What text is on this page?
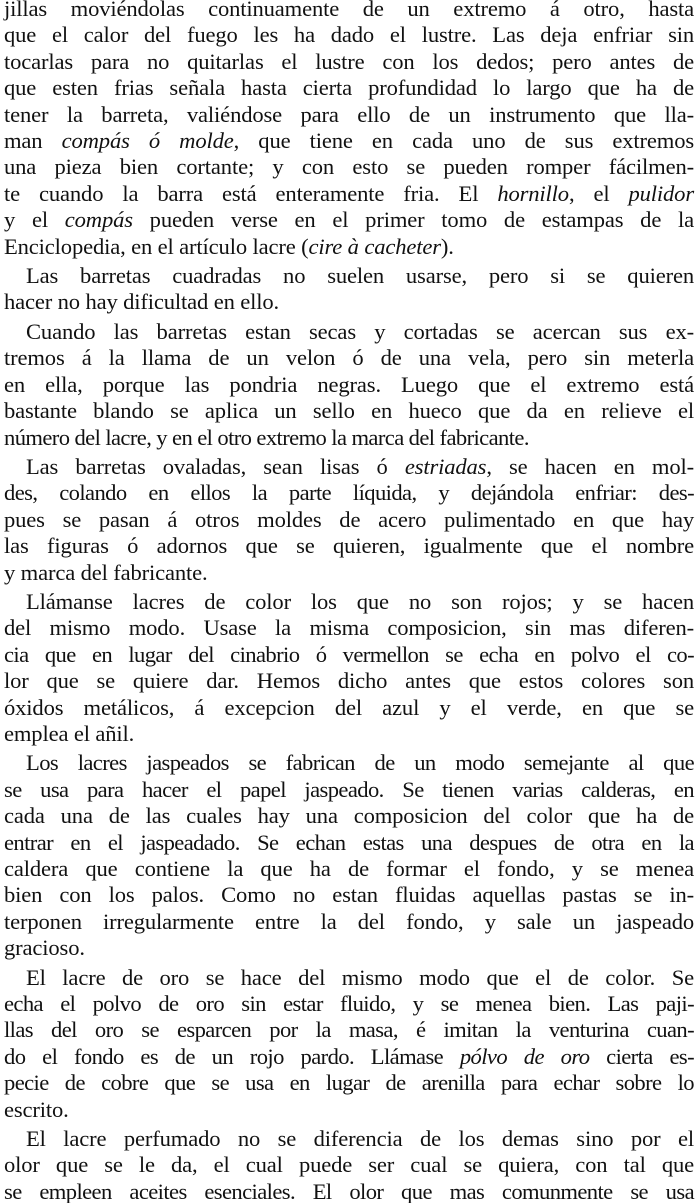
jillas moviéndolas continuamente de un extremo á otro, hasta
que el calor del fuego les ha dado el lustre. Las deja enfriar sin
tocarlas para no quitarlas el lustre con los dedos; pero antes de
que esten frias señala hasta cierta profundidad lo largo que ha de
tener la barreta, valiéndose para ello de un instrumento que lla-
man compás ó molde, que tiene en cada uno de sus extremos
una pieza bien cortante; y con esto se pueden romper fácilmen-
te cuando la barra está enteramente fria. El hornillo, el pulidor
y el compás pueden verse en el primer tomo de estampas de la
Enciclopedia, en el artículo lacre (cire à cacheter).
Las barretas cuadradas no suelen usarse, pero si se quieren
hacer no hay dificultad en ello.
Cuando las barretas estan secas y cortadas se acercan sus ex-
tremos á la llama de un velon ó de una vela, pero sin meterla
en ella, porque las pondria negras. Luego que el extremo está
bastante blando se aplica un sello en hueco que da en relieve el
número del lacre, y en el otro extremo la marca del fabricante.
Las barretas ovaladas, sean lisas ó estriadas, se hacen en mol-
des, colando en ellos la parte líquida, y dejándola enfriar: des-
pues se pasan á otros moldes de acero pulimentado en que hay
las figuras ó adornos que se quieren, igualmente que el nombre
y marca del fabricante.
Llámanse lacres de color los que no son rojos; y se hacen
del mismo modo. Usase la misma composicion, sin mas diferen-
cia que en lugar del cinabrio ó vermellon se echa en polvo el co-
lor que se quiere dar. Hemos dicho antes que estos colores son
óxidos metálicos, á excepcion del azul y el verde, en que se
emplea el añil.
Los lacres jaspeados se fabrican de un modo semejante al que
se usa para hacer el papel jaspeado. Se tienen varias calderas, en
cada una de las cuales hay una composicion del color que ha de
entrar en el jaspeadado. Se echan estas una despues de otra en la
caldera que contiene la que ha de formar el fondo, y se menea
bien con los palos. Como no estan fluidas aquellas pastas se in-
terponen irregularmente entre la del fondo, y sale un jaspeado
gracioso.
El lacre de oro se hace del mismo modo que el de color. Se
echa el polvo de oro sin estar fluido, y se menea bien. Las paji-
llas del oro se esparcen por la masa, é imitan la venturina cuan-
do el fondo es de un rojo pardo. Llámase pólvo de oro cierta es-
pecie de cobre que se usa en lugar de arenilla para echar sobre lo
escrito.
El lacre perfumado no se diferencia de los demas sino por el
olor que se le da, el cual puede ser cual se quiera, con tal que
se empleen aceites esenciales. El olor que mas comunmente se usa
